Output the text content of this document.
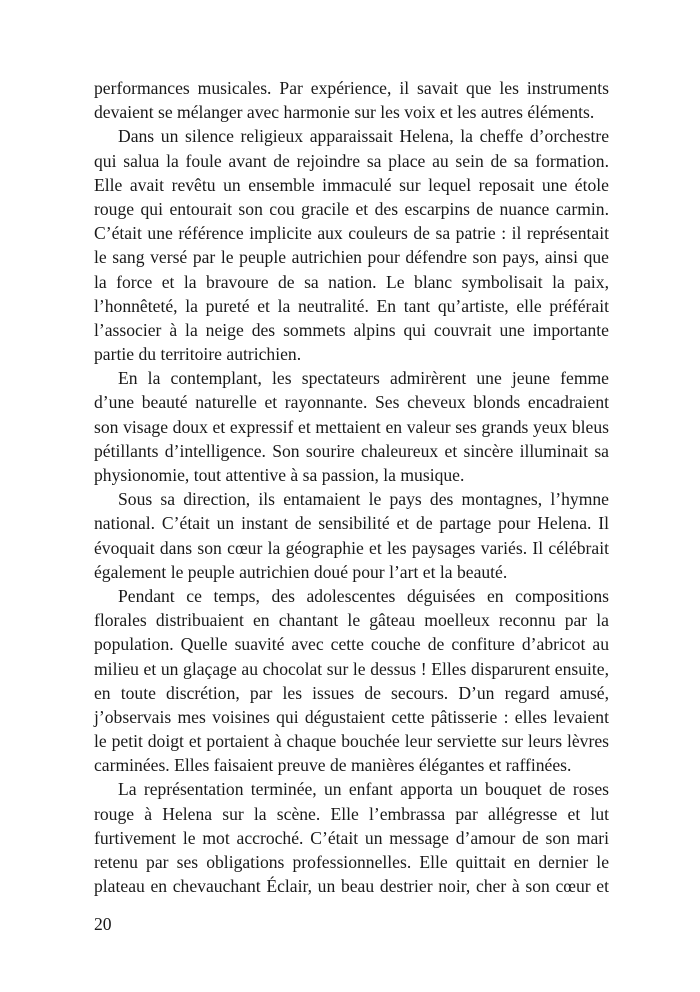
performances musicales. Par expérience, il savait que les instruments
devaient se mélanger avec harmonie sur les voix et les autres éléments.
Dans un silence religieux apparaissait Helena, la cheffe d’orchestre
qui salua la foule avant de rejoindre sa place au sein de sa formation.
Elle avait revêtu un ensemble immaculé sur lequel reposait une étole
rouge qui entourait son cou gracile et des escarpins de nuance carmin.
C’était une référence implicite aux couleurs de sa patrie : il représentait
le sang versé par le peuple autrichien pour défendre son pays, ainsi que
la force et la bravoure de sa nation. Le blanc symbolisait la paix,
l’honnêteté, la pureté et la neutralité. En tant qu’artiste, elle préférait
l’associer à la neige des sommets alpins qui couvrait une importante
partie du territoire autrichien.
En la contemplant, les spectateurs admirèrent une jeune femme
d’une beauté naturelle et rayonnante. Ses cheveux blonds encadraient
son visage doux et expressif et mettaient en valeur ses grands yeux bleus
pétillants d’intelligence. Son sourire chaleureux et sincère illuminait sa
physionomie, tout attentive à sa passion, la musique.
Sous sa direction, ils entamaient le pays des montagnes, l’hymne
national. C’était un instant de sensibilité et de partage pour Helena. Il
évoquait dans son cœur la géographie et les paysages variés. Il célébrait
également le peuple autrichien doué pour l’art et la beauté.
Pendant ce temps, des adolescentes déguisées en compositions
florales distribuaient en chantant le gâteau moelleux reconnu par la
population. Quelle suavité avec cette couche de confiture d’abricot au
milieu et un glaçage au chocolat sur le dessus ! Elles disparurent ensuite,
en toute discrétion, par les issues de secours. D’un regard amusé,
j’observais mes voisines qui dégustaient cette pâtisserie : elles levaient
le petit doigt et portaient à chaque bouchée leur serviette sur leurs lèvres
carminées. Elles faisaient preuve de manières élégantes et raffinées.
La représentation terminée, un enfant apporta un bouquet de roses
rouge à Helena sur la scène. Elle l’embrassa par allégresse et lut
furtivement le mot accroché. C’était un message d’amour de son mari
retenu par ses obligations professionnelles. Elle quittait en dernier le
plateau en chevauchant Éclair, un beau destrier noir, cher à son cœur et
20
